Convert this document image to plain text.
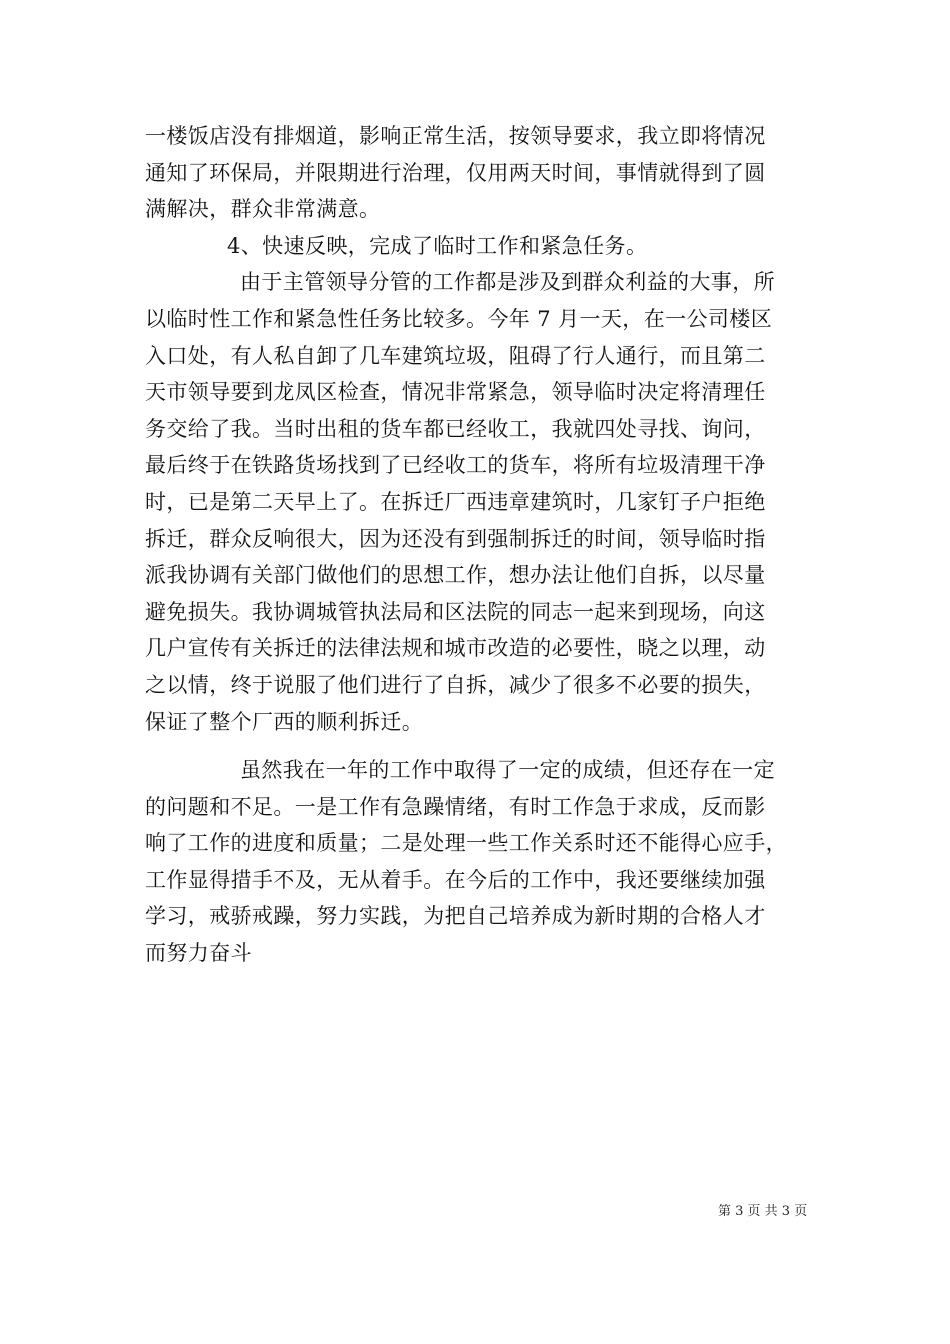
一楼饭店没有排烟道，影响正常生活，按领导要求，我立即将情况
通知了环保局，并限期进行治理，仅用两天时间，事情就得到了圆
满解决，群众非常满意。
4、快速反映，完成了临时工作和紧急任务。
由于主管领导分管的工作都是涉及到群众利益的大事，所
以临时性工作和紧急性任务比较多。今年 7 月一天，在一公司楼区
入口处，有人私自卸了几车建筑垃圾，阻碍了行人通行，而且第二
天市领导要到龙凤区检查，情况非常紧急，领导临时决定将清理任
务交给了我。当时出租的货车都已经收工，我就四处寻找、询问，
最后终于在铁路货场找到了已经收工的货车，将所有垃圾清理干净
时，已是第二天早上了。在拆迁厂西违章建筑时，几家钉子户拒绝
拆迁，群众反响很大，因为还没有到强制拆迁的时间，领导临时指
派我协调有关部门做他们的思想工作，想办法让他们自拆，以尽量
避免损失。我协调城管执法局和区法院的同志一起来到现场，向这
几户宣传有关拆迁的法律法规和城市改造的必要性，晓之以理，动
之以情，终于说服了他们进行了自拆，减少了很多不必要的损失，
保证了整个厂西的顺利拆迁。
虽然我在一年的工作中取得了一定的成绩，但还存在一定
的问题和不足。一是工作有急躁情绪，有时工作急于求成，反而影
响了工作的进度和质量；二是处理一些工作关系时还不能得心应手，
工作显得措手不及，无从着手。在今后的工作中，我还要继续加强
学习，戒骄戒躁，努力实践，为把自己培养成为新时期的合格人才
而努力奋斗
第 3 页 共 3 页
